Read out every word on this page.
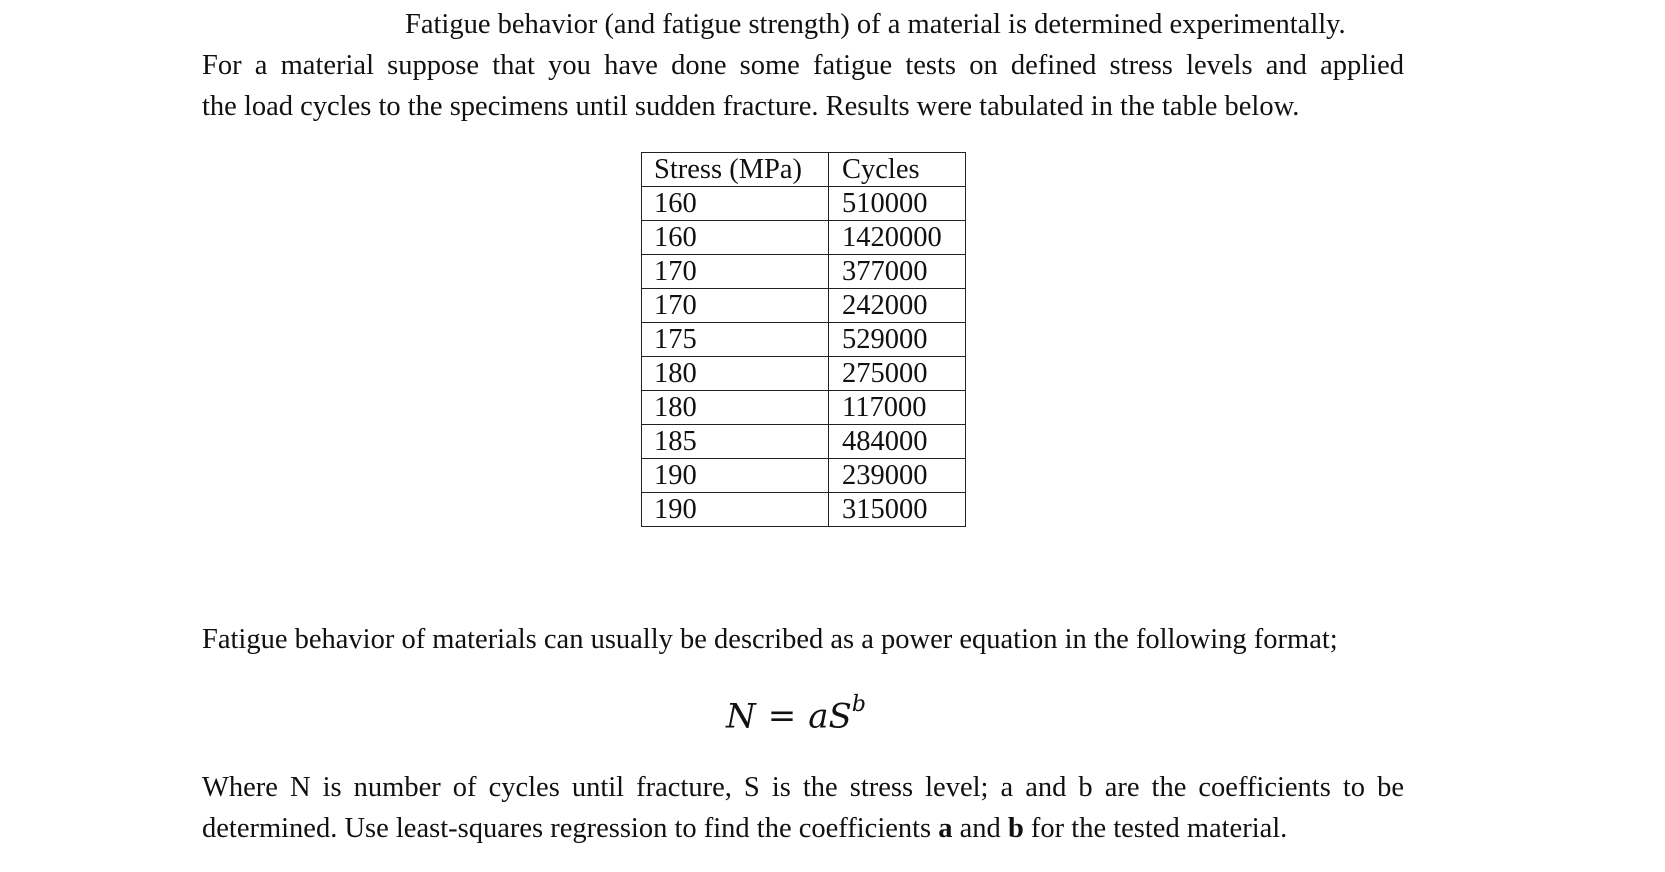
Fatigue behavior (and fatigue strength) of a material is determined experimentally.
For a material suppose that you have done some fatigue tests on defined stress levels and applied
the load cycles to the specimens until sudden fracture. Results were tabulated in the table below.
Stress (MPa)	Cycles
160	510000
160	1420000
170	377000
170	242000
175	529000
180	275000
180	117000
185	484000
190	239000
190	315000

Fatigue behavior of materials can usually be described as a power equation in the following format;

$N = aS^b$
Where N is number of cycles until fracture, S is the stress level; a and b are the coefficients to be
determined. Use least-squares regression to find the coefficients a and b for the tested material.
